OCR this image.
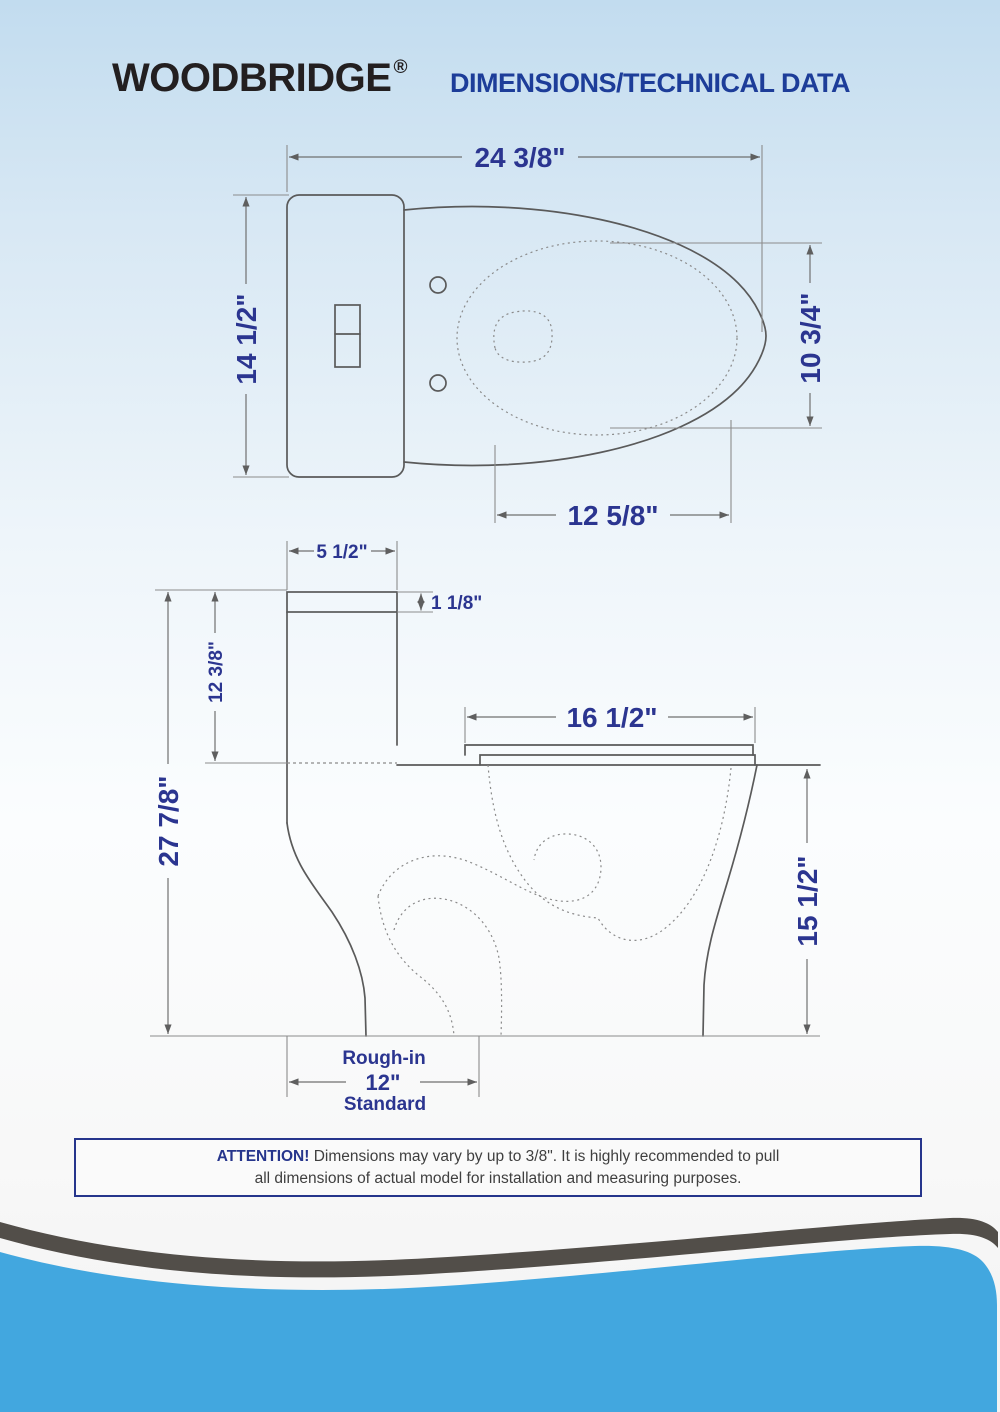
WOODBRIDGE ®
DIMENSIONS/TECHNICAL DATA
24 3/8"
14 1/2"	10 3/4"
12 5/8"
5 1/2"
1 1/8"
12 3/8"
27 7/8"
16 1/2"
15 1/2"
Rough-in
12"
Standard
ATTENTION! Dimensions may vary by up to 3/8". It is highly recommended to pull
all dimensions of actual model for installation and measuring purposes.
